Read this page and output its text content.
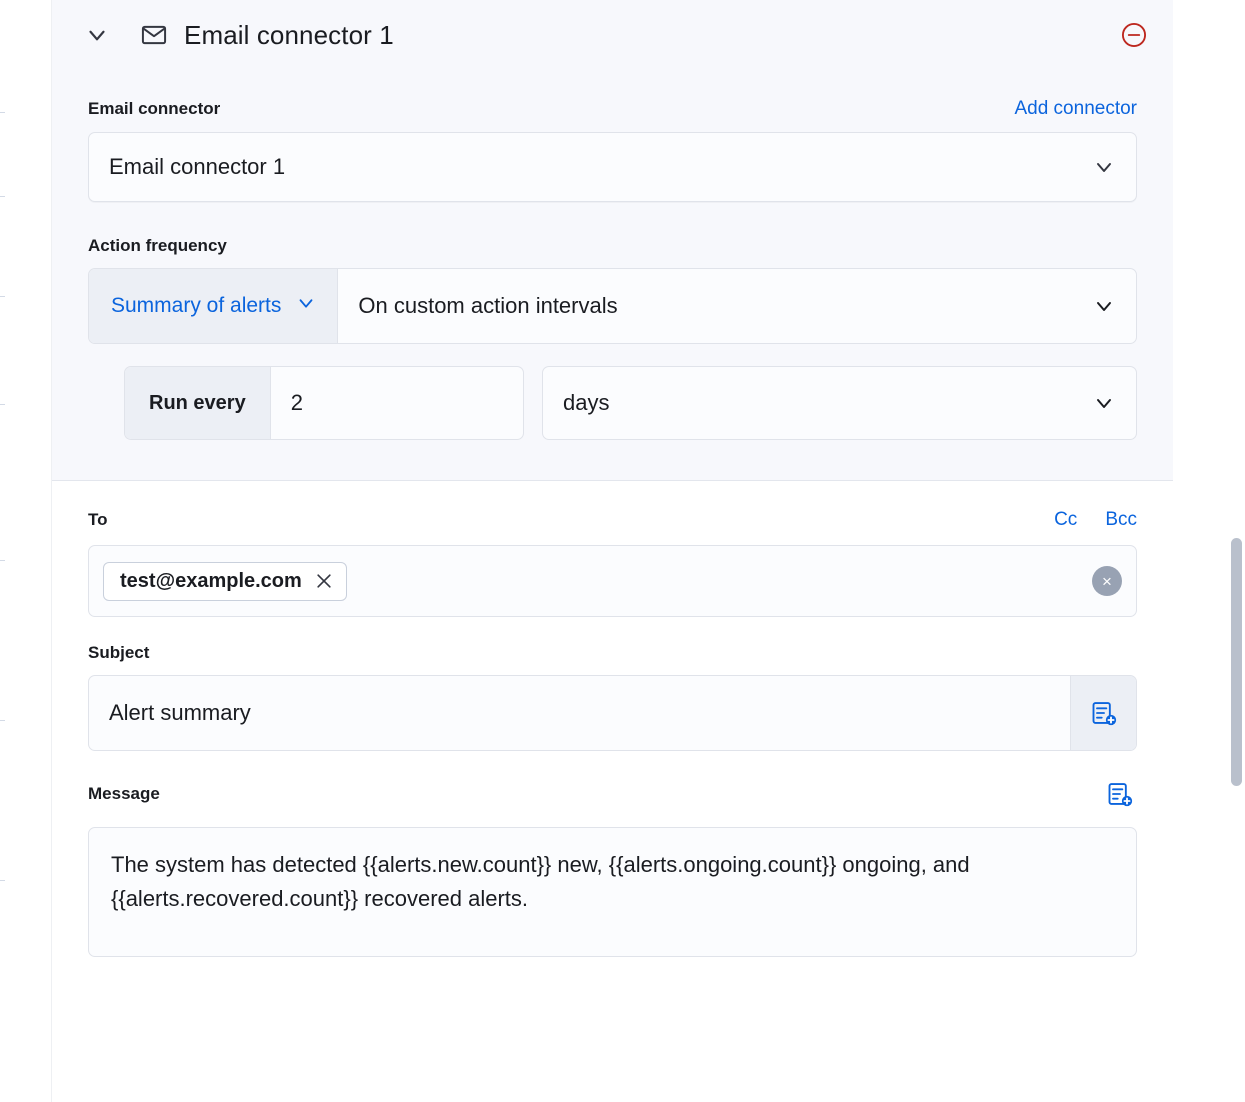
Email connector 1
Email connector	Add connector
Email connector 1
Action frequency
Summary of alerts	On custom action intervals
Run every
2	days
To	Cc Bcc
test@example.com	×
Subject
Alert summary
Message
The system has detected {{alerts.new.count}} new, {{alerts.ongoing.count}} ongoing, and {{alerts.recovered.count}} recovered alerts.
